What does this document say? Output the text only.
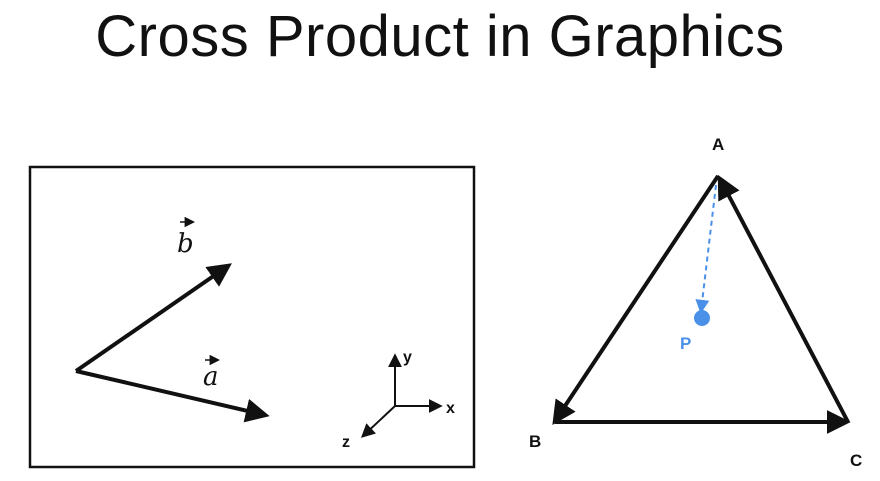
Cross Product in Graphics
b
a
y
x
z
A
B
C
P
